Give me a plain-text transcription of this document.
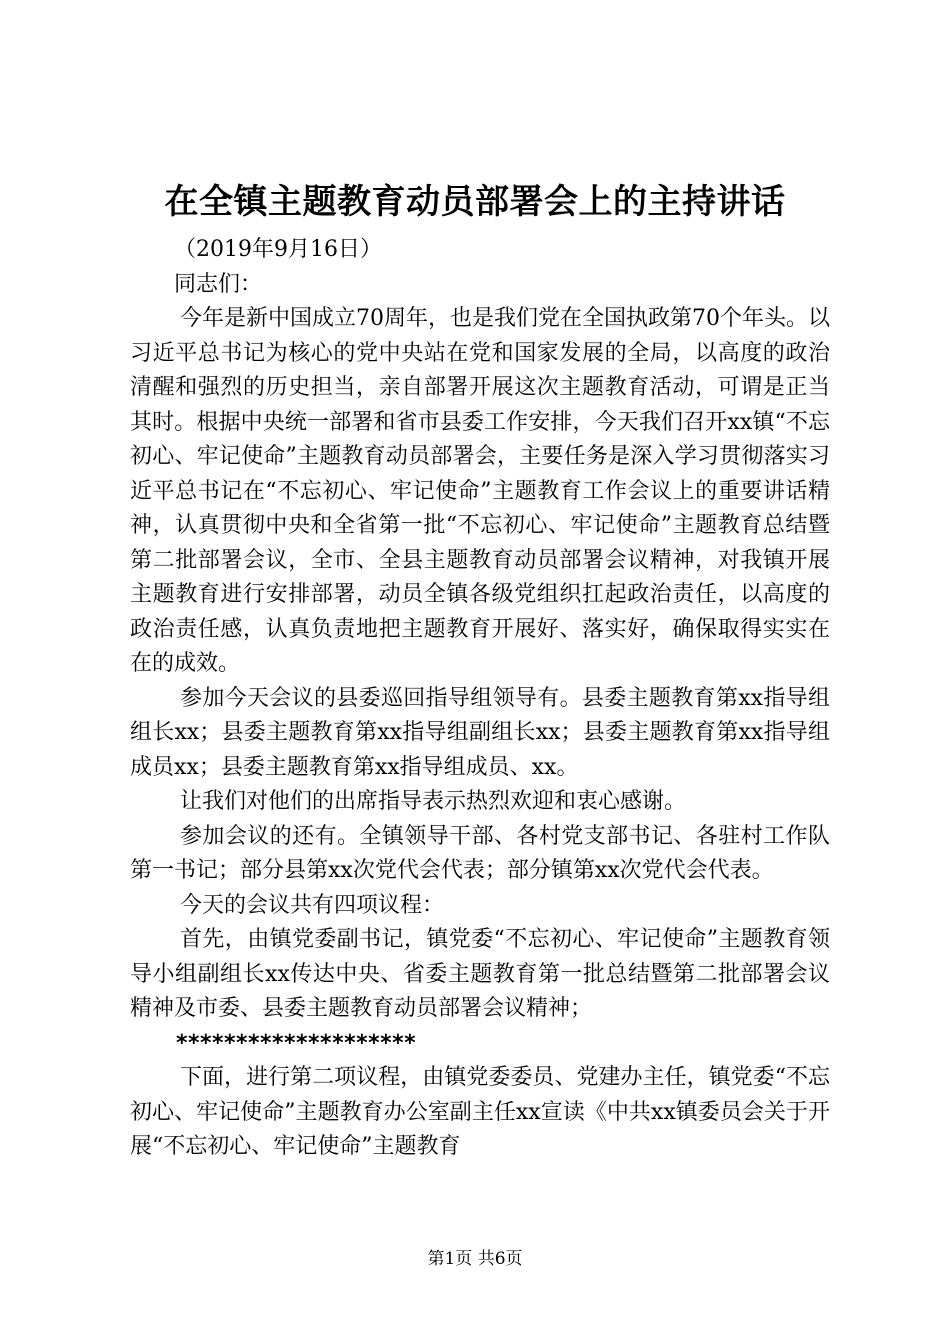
在全镇主题教育动员部署会上的主持讲话

（2019年9月16日）

同志们：

今年是新中国成立70周年，也是我们党在全国执政第70个年头。以习近平总书记为核心的党中央站在党和国家发展的全局，以高度的政治清醒和强烈的历史担当，亲自部署开展这次主题教育活动，可谓是正当其时。根据中央统一部署和省市县委工作安排，今天我们召开xx镇“不忘初心、牢记使命”主题教育动员部署会，主要任务是深入学习贯彻落实习近平总书记在“不忘初心、牢记使命”主题教育工作会议上的重要讲话精神，认真贯彻中央和全省第一批“不忘初心、牢记使命”主题教育总结暨第二批部署会议，全市、全县主题教育动员部署会议精神，对我镇开展主题教育进行安排部署，动员全镇各级党组织扛起政治责任，以高度的政治责任感，认真负责地把主题教育开展好、落实好，确保取得实实在在的成效。

参加今天会议的县委巡回指导组领导有。县委主题教育第xx指导组组长xx；县委主题教育第xx指导组副组长xx；县委主题教育第xx指导组成员xx；县委主题教育第xx指导组成员、xx。

让我们对他们的出席指导表示热烈欢迎和衷心感谢。

参加会议的还有。全镇领导干部、各村党支部书记、各驻村工作队第一书记；部分县第xx次党代会代表；部分镇第xx次党代会代表。

今天的会议共有四项议程：

首先，由镇党委副书记，镇党委“不忘初心、牢记使命”主题教育领导小组副组长xx传达中央、省委主题教育第一批总结暨第二批部署会议精神及市委、县委主题教育动员部署会议精神；

********************

下面，进行第二项议程，由镇党委委员、党建办主任，镇党委“不忘初心、牢记使命”主题教育办公室副主任xx宣读《中共xx镇委员会关于开展“不忘初心、牢记使命”主题教育

第1页 共6页
